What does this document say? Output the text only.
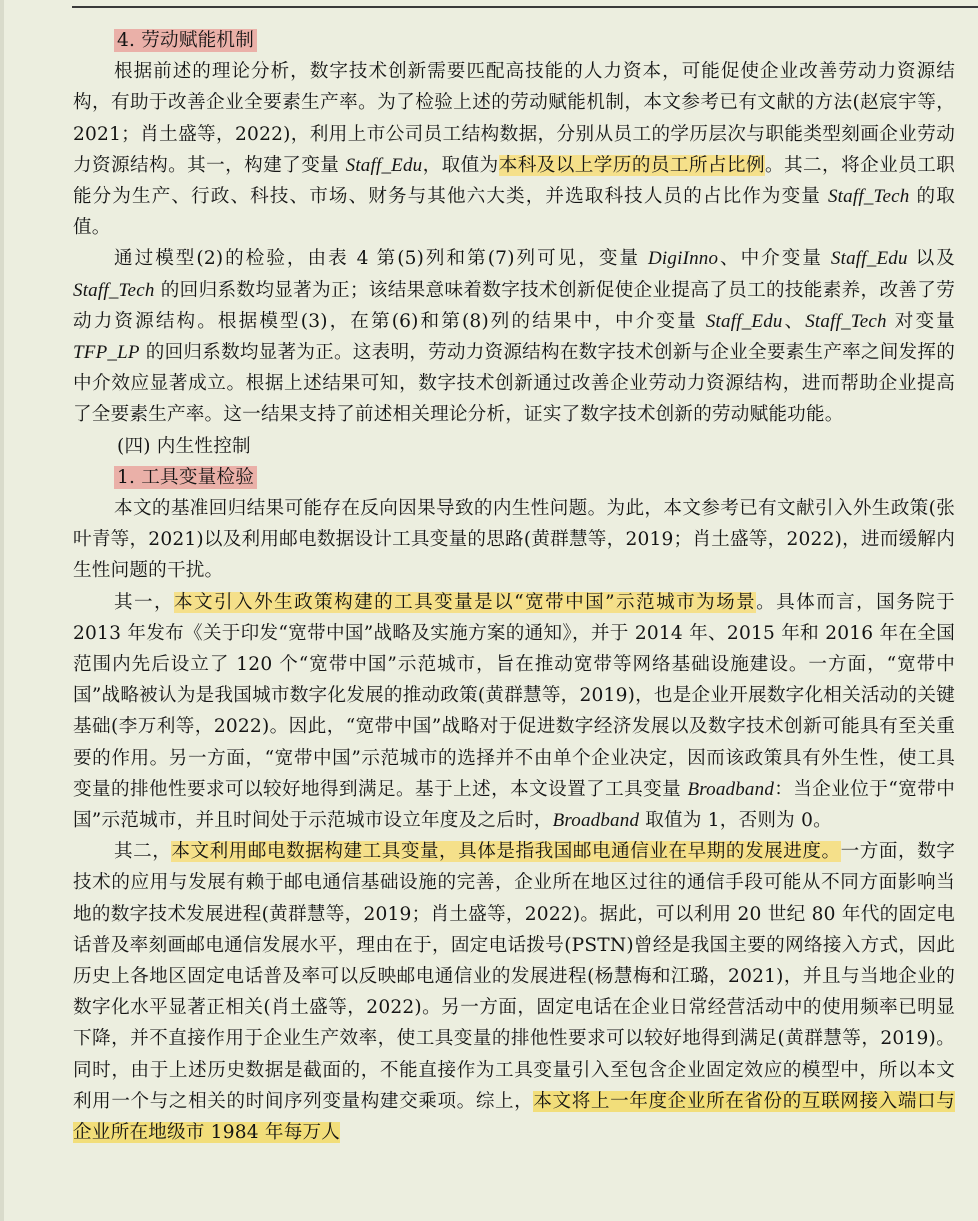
4. 劳动赋能机制

根据前述的理论分析，数字技术创新需要匹配高技能的人力资本，可能促使企业改善劳动力资源结构，有助于改善企业全要素生产率。为了检验上述的劳动赋能机制，本文参考已有文献的方法(赵宸宇等，2021；肖土盛等，2022)，利用上市公司员工结构数据，分别从员工的学历层次与职能类型刻画企业劳动力资源结构。其一，构建了变量 Staff_Edu，取值为本科及以上学历的员工所占比例。其二，将企业员工职能分为生产、行政、科技、市场、财务与其他六大类，并选取科技人员的占比作为变量 Staff_Tech 的取值。

通过模型(2)的检验，由表 4 第(5)列和第(7)列可见，变量 DigiInno、中介变量 Staff_Edu 以及 Staff_Tech 的回归系数均显著为正；该结果意味着数字技术创新促使企业提高了员工的技能素养，改善了劳动力资源结构。根据模型(3)，在第(6)和第(8)列的结果中，中介变量 Staff_Edu、Staff_Tech 对变量 TFP_LP 的回归系数均显著为正。这表明，劳动力资源结构在数字技术创新与企业全要素生产率之间发挥的中介效应显著成立。根据上述结果可知，数字技术创新通过改善企业劳动力资源结构，进而帮助企业提高了全要素生产率。这一结果支持了前述相关理论分析，证实了数字技术创新的劳动赋能功能。

(四) 内生性控制
1. 工具变量检验

本文的基准回归结果可能存在反向因果导致的内生性问题。为此，本文参考已有文献引入外生政策(张叶青等，2021)以及利用邮电数据设计工具变量的思路(黄群慧等，2019；肖土盛等，2022)，进而缓解内生性问题的干扰。

其一，本文引入外生政策构建的工具变量是以“宽带中国”示范城市为场景。具体而言，国务院于 2013 年发布《关于印发“宽带中国”战略及实施方案的通知》，并于 2014 年、2015 年和 2016 年在全国范围内先后设立了 120 个“宽带中国”示范城市，旨在推动宽带等网络基础设施建设。一方面，“宽带中国”战略被认为是我国城市数字化发展的推动政策(黄群慧等，2019)，也是企业开展数字化相关活动的关键基础(李万利等，2022)。因此，“宽带中国”战略对于促进数字经济发展以及数字技术创新可能具有至关重要的作用。另一方面，“宽带中国”示范城市的选择并不由单个企业决定，因而该政策具有外生性，使工具变量的排他性要求可以较好地得到满足。基于上述，本文设置了工具变量 Broadband：当企业位于“宽带中国”示范城市，并且时间处于示范城市设立年度及之后时，Broadband 取值为 1，否则为 0。

其二，本文利用邮电数据构建工具变量，具体是指我国邮电通信业在早期的发展进度。一方面，数字技术的应用与发展有赖于邮电通信基础设施的完善，企业所在地区过往的通信手段可能从不同方面影响当地的数字技术发展进程(黄群慧等，2019；肖土盛等，2022)。据此，可以利用 20 世纪 80 年代的固定电话普及率刻画邮电通信发展水平，理由在于，固定电话拨号(PSTN)曾经是我国主要的网络接入方式，因此历史上各地区固定电话普及率可以反映邮电通信业的发展进程(杨慧梅和江璐，2021)，并且与当地企业的数字化水平显著正相关(肖土盛等，2022)。另一方面，固定电话在企业日常经营活动中的使用频率已明显下降，并不直接作用于企业生产效率，使工具变量的排他性要求可以较好地得到满足(黄群慧等，2019)。同时，由于上述历史数据是截面的，不能直接作为工具变量引入至包含企业固定效应的模型中，所以本文利用一个与之相关的时间序列变量构建交乘项。综上，本文将上一年度企业所在省份的互联网接入端口与企业所在地级市 1984 年每万人
